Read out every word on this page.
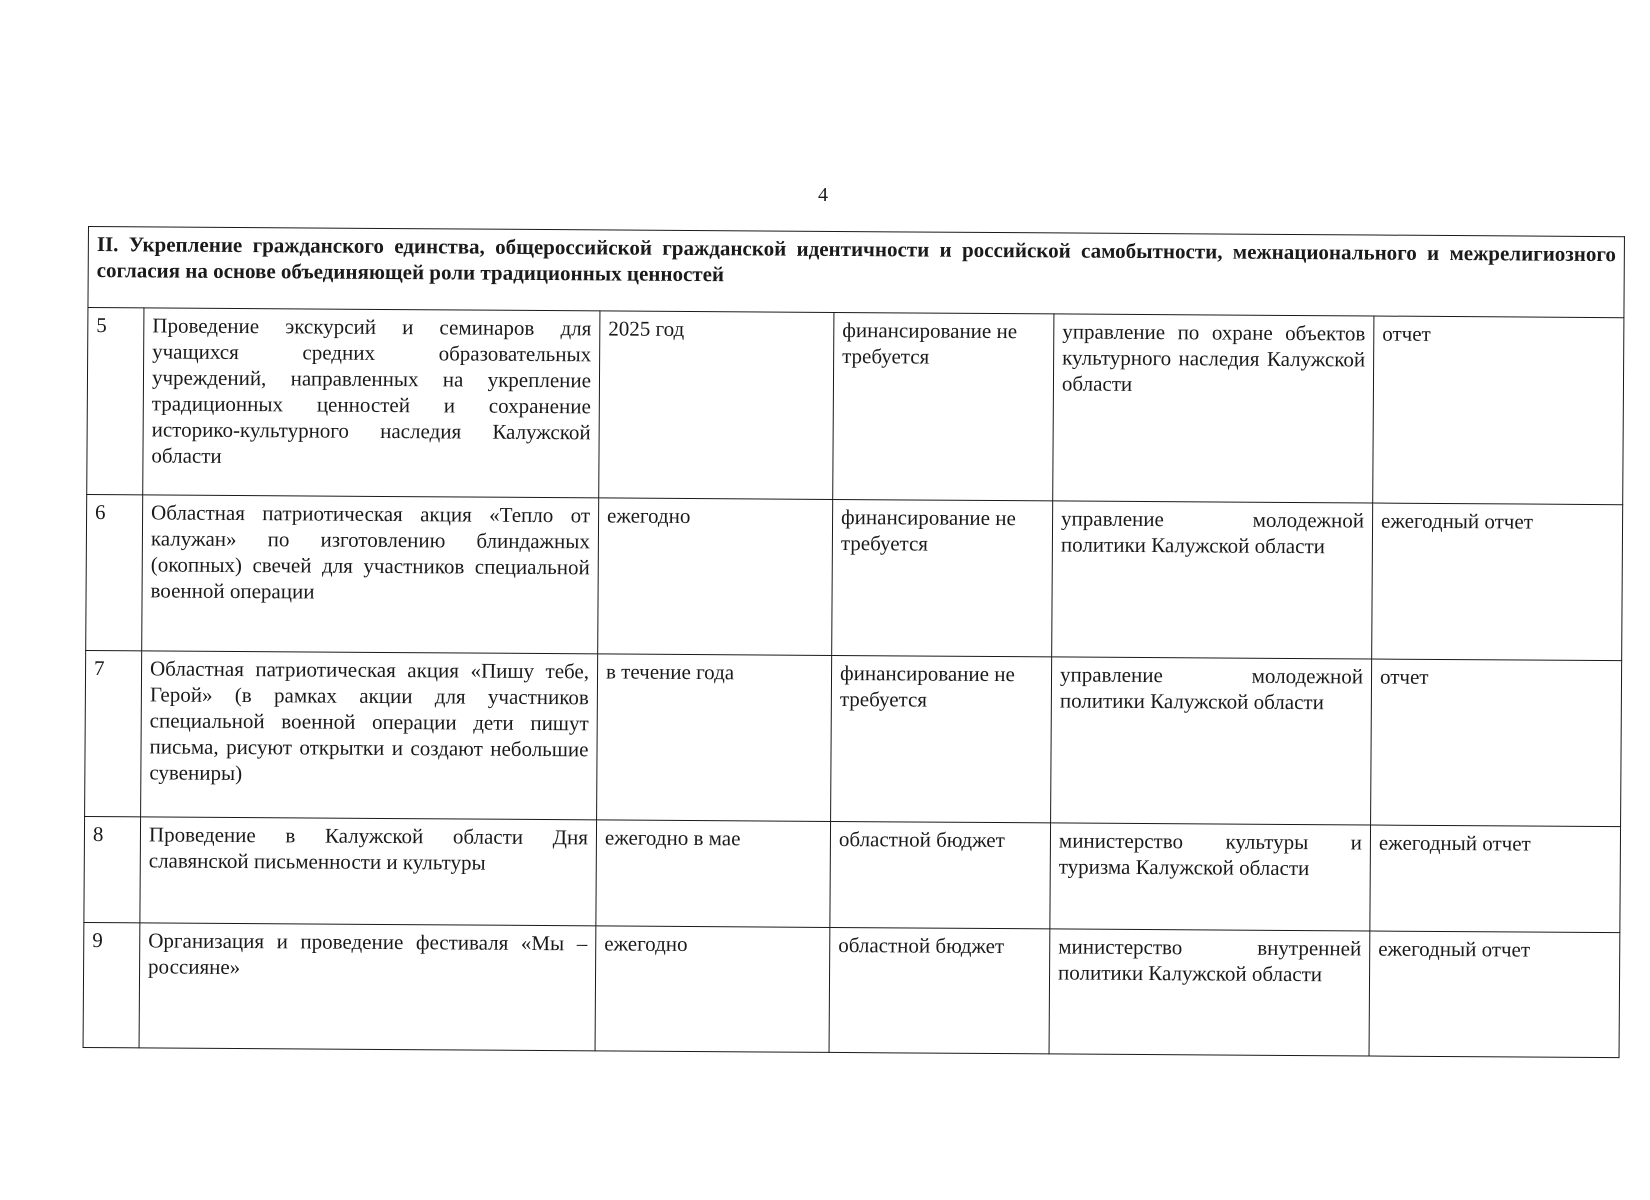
4
II. Укрепление гражданского единства, общероссийской гражданской идентичности и российской самобытности, межнационального и межрелигиозного согласия на основе объединяющей роли традиционных ценностей					
5	Проведение экскурсий и семинаров для учащихся средних образовательных учреждений, направленных на укрепление традиционных ценностей и сохранение историко-культурного наследия Калужской области	2025 год	финансирование не требуется	управление по охране объектов культурного наследия Калужской области	отчет
6	Областная патриотическая акция «Тепло от калужан» по изготовлению блиндажных (окопных) свечей для участников специальной военной операции	ежегодно	финансирование не требуется	управление молодежной политики Калужской области	ежегодный отчет
7	Областная патриотическая акция «Пишу тебе, Герой» (в рамках акции для участников специальной военной операции дети пишут письма, рисуют открытки и создают небольшие сувениры)	в течение года	финансирование не требуется	управление молодежной политики Калужской области	отчет
8	Проведение в Калужской области Дня славянской письменности и культуры	ежегодно в мае	областной бюджет	министерство культуры и туризма Калужской области	ежегодный отчет
9	Организация и проведение фестиваля «Мы – россияне»	ежегодно	областной бюджет	министерство внутренней политики Калужской области	ежегодный отчет
